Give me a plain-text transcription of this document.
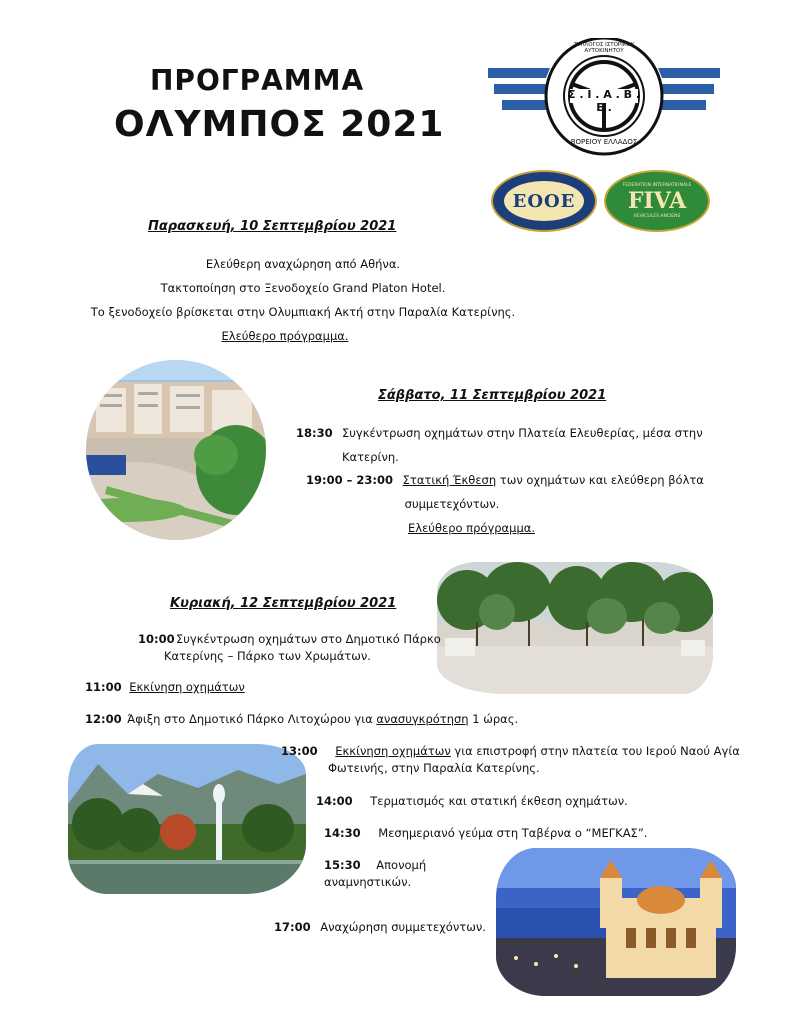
ΠΡΟΓΡΑΜΜΑ
ΟΛΥΜΠΟΣ 2021
Σ . Ι . Α . Β . Ε .
ΣΥΛΛΟΓΟΣ ΙΣΤΟΡΙΚΟΥ ΑΥΤΟΚΙΝΗΤΟΥ
ΒΟΡΕΙΟΥ ΕΛΛΑΔΟΣ
ΕΟΟΕ
FEDERATION INTERNATIONALE
FIVA
VEHICULES ANCIENS
Παρασκευή, 10 Σεπτεμβρίου 2021
Ελεύθερη αναχώρηση από Αθήνα.
Τακτοποίηση στο Ξενοδοχείο Grand Platon Hotel.
Το ξενοδοχείο βρίσκεται στην Ολυμπιακή Ακτή στην Παραλία Κατερίνης.
Ελεύθερο πρόγραμμα.
Σάββατο, 11 Σεπτεμβρίου 2021
18:30 Συγκέντρωση οχημάτων στην Πλατεία Ελευθερίας, μέσα στην
Κατερίνη.
19:00 – 23:00 Στατική Έκθεση των οχημάτων και ελεύθερη βόλτα
συμμετεχόντων.
Ελεύθερο πρόγραμμα.
Κυριακή, 12 Σεπτεμβρίου 2021
10:00 Συγκέντρωση οχημάτων στο Δημοτικό Πάρκο
Κατερίνης – Πάρκο των Χρωμάτων.
11:00 Εκκίνηση οχημάτων
12:00 Άφιξη στο Δημοτικό Πάρκο Λιτοχώρου για ανασυγκρότηση 1 ώρας.
13:00 Εκκίνηση οχημάτων για επιστροφή στην πλατεία του Ιερού Ναού Αγία
Φωτεινής, στην Παραλία Κατερίνης.
14:00 Τερματισμός και στατική έκθεση οχημάτων.
14:30 Μεσημεριανό γεύμα στη Ταβέρνα ο “ΜΕΓΚΑΣ”.
15:30 Απονομή
αναμνηστικών.
17:00 Αναχώρηση συμμετεχόντων.
